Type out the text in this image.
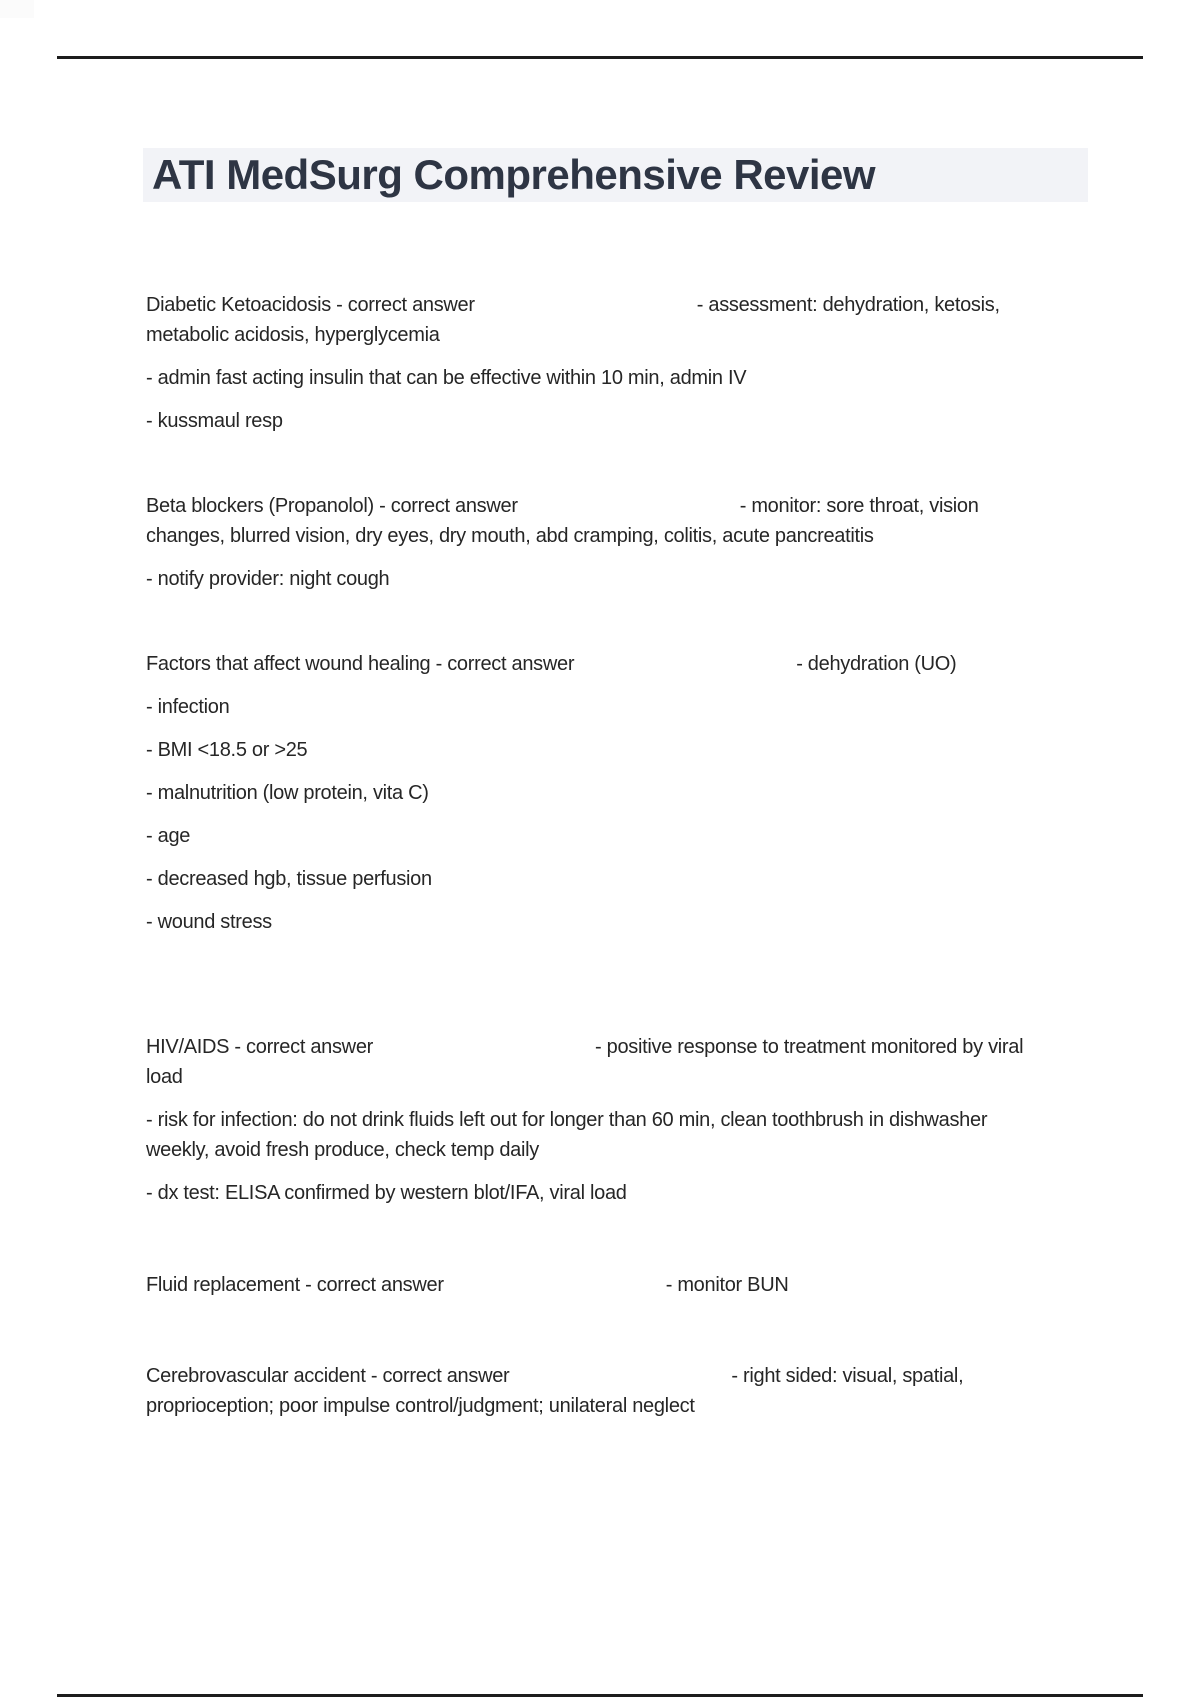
ATI MedSurg Comprehensive Review
Diabetic Ketoacidosis - correct answer	- assessment: dehydration, ketosis,
metabolic acidosis, hyperglycemia
- admin fast acting insulin that can be effective within 10 min, admin IV
- kussmaul resp
Beta blockers (Propanolol) - correct answer	- monitor: sore throat, vision
changes, blurred vision, dry eyes, dry mouth, abd cramping, colitis, acute pancreatitis
- notify provider: night cough
Factors that affect wound healing - correct answer	- dehydration (UO)
- infection
- BMI <18.5 or >25
- malnutrition (low protein, vita C)
- age
- decreased hgb, tissue perfusion
- wound stress
HIV/AIDS - correct answer	- positive response to treatment monitored by viral
load
- risk for infection: do not drink fluids left out for longer than 60 min, clean toothbrush in dishwasher
weekly, avoid fresh produce, check temp daily
- dx test: ELISA confirmed by western blot/IFA, viral load
Fluid replacement - correct answer	- monitor BUN
Cerebrovascular accident - correct answer	- right sided: visual, spatial,
proprioception; poor impulse control/judgment; unilateral neglect
